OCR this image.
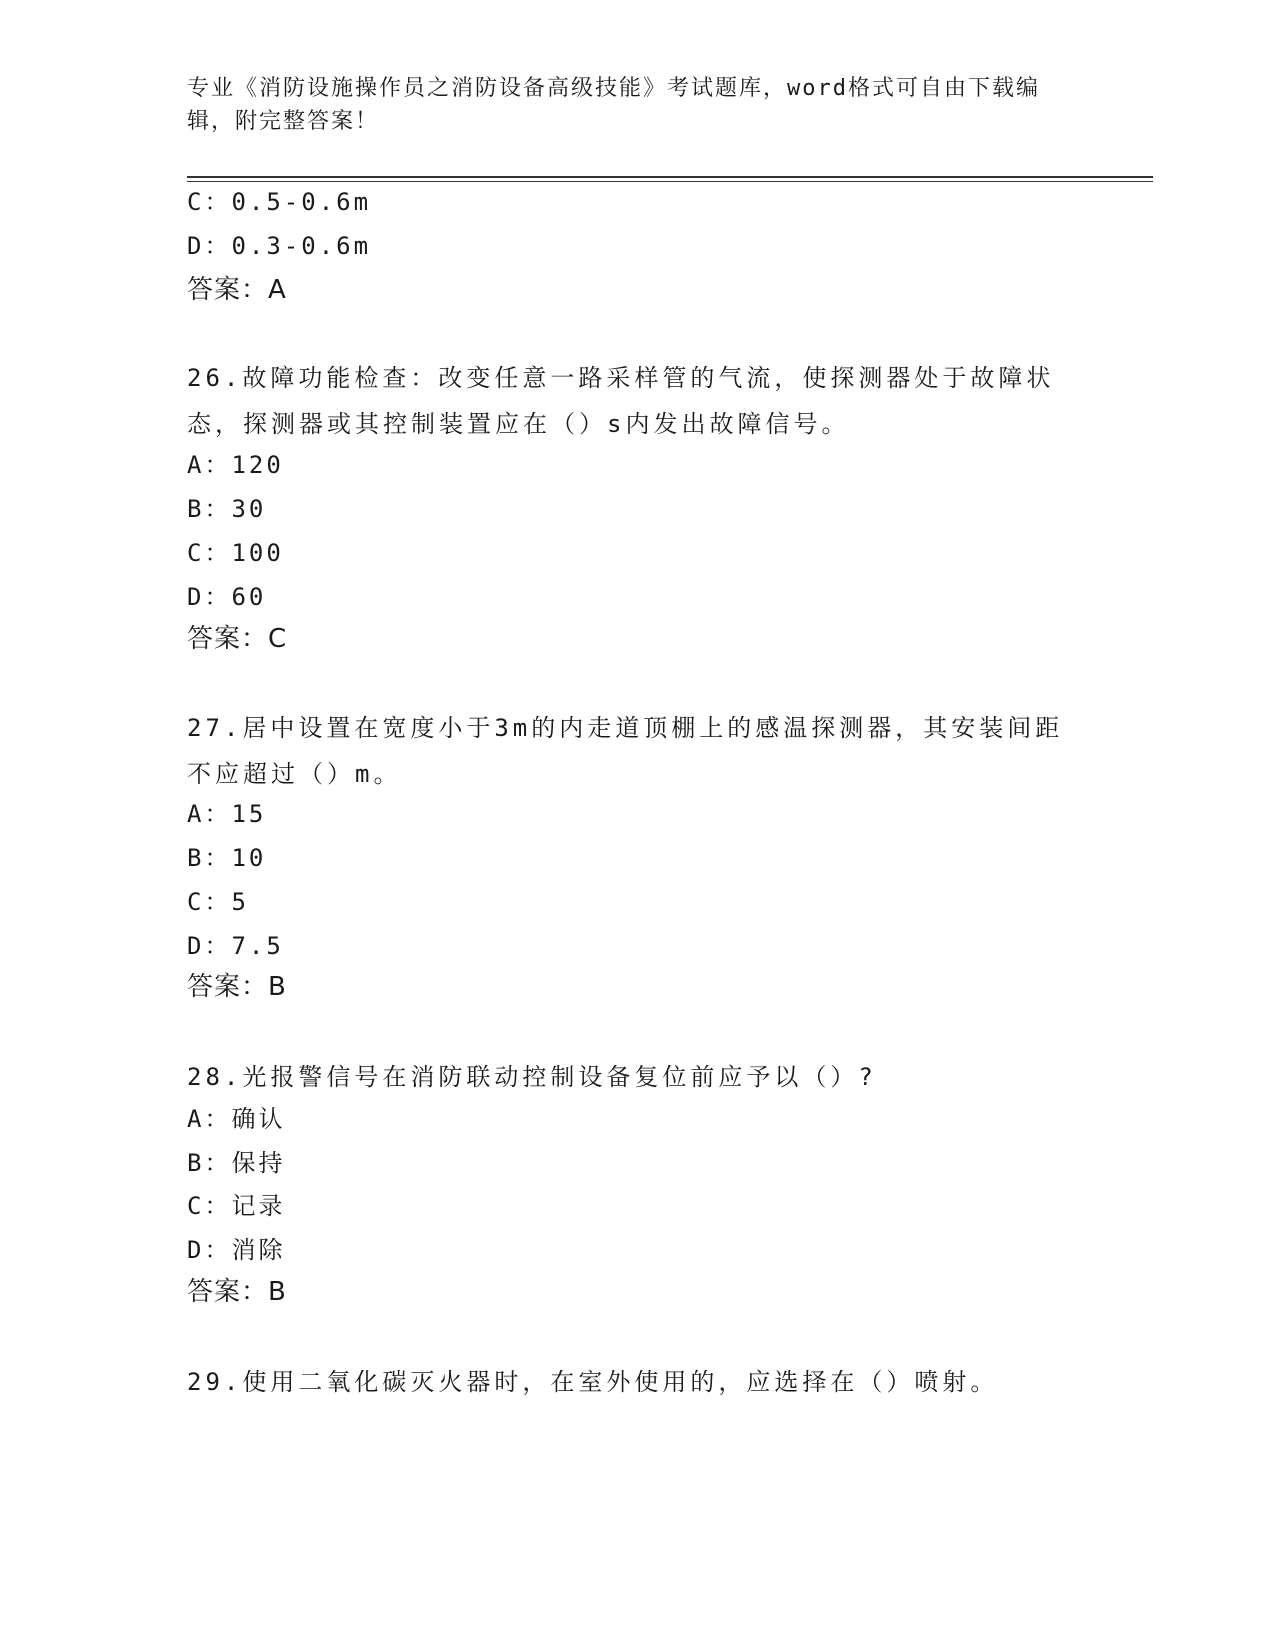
专业《消防设施操作员之消防设备高级技能》考试题库，word格式可自由下载编辑，附完整答案！
C：0.5-0.6m
D：0.3-0.6m
答案：A
26.故障功能检查：改变任意一路采样管的气流，使探测器处于故障状态，探测器或其控制装置应在（）s内发出故障信号。
A：120
B：30
C：100
D：60
答案：C
27.居中设置在宽度小于3m的内走道顶棚上的感温探测器，其安装间距不应超过（）m。
A：15
B：10
C：5
D：7.5
答案：B
28.光报警信号在消防联动控制设备复位前应予以（）?
A：确认
B：保持
C：记录
D：消除
答案：B
29.使用二氧化碳灭火器时，在室外使用的，应选择在（）喷射。
